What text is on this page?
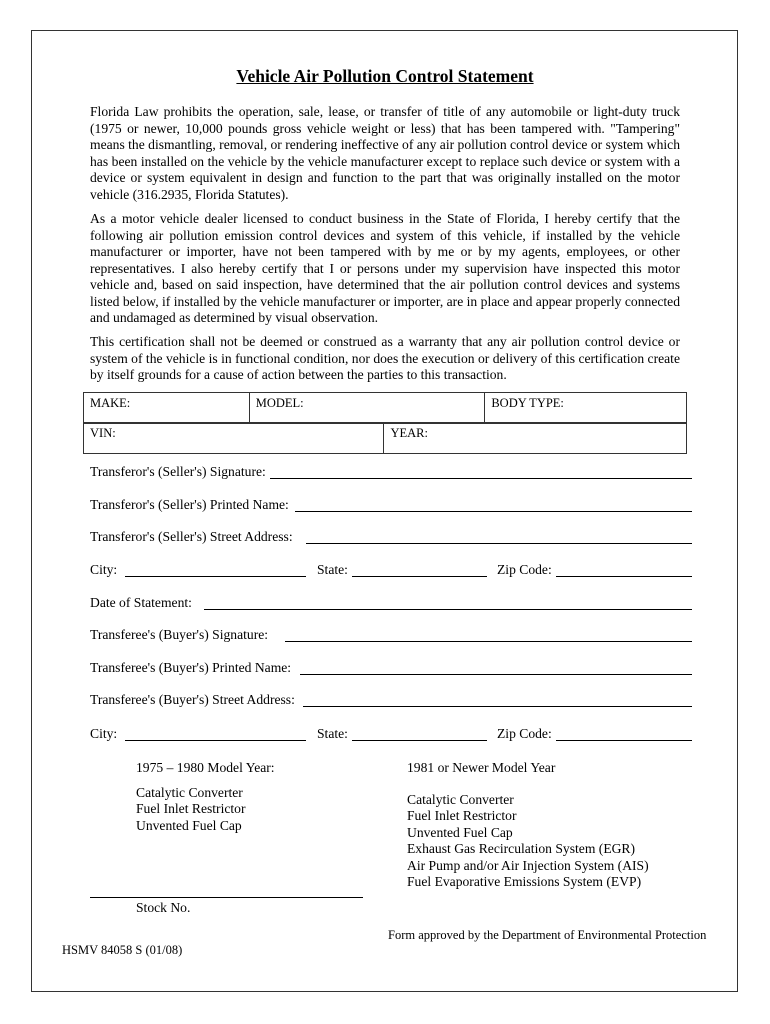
Vehicle Air Pollution Control Statement

Florida Law prohibits the operation, sale, lease, or transfer of title of any automobile or light-duty truck (1975 or newer, 10,000 pounds gross vehicle weight or less) that has been tampered with. "Tampering" means the dismantling, removal, or rendering ineffective of any air pollution control device or system which has been installed on the vehicle by the vehicle manufacturer except to replace such device or system with a device or system equivalent in design and function to the part that was originally installed on the motor vehicle (316.2935, Florida Statutes).

As a motor vehicle dealer licensed to conduct business in the State of Florida, I hereby certify that the following air pollution emission control devices and system of this vehicle, if installed by the vehicle manufacturer or importer, have not been tampered with by me or by my agents, employees, or other representatives. I also hereby certify that I or persons under my supervision have inspected this motor vehicle and, based on said inspection, have determined that the air pollution control devices and systems listed below, if installed by the vehicle manufacturer or importer, are in place and appear properly connected and undamaged as determined by visual observation.

This certification shall not be deemed or construed as a warranty that any air pollution control device or system of the vehicle is in functional condition, nor does the execution or delivery of this certification create by itself grounds for a cause of action between the parties to this transaction.

MAKE:	MODEL:	BODY TYPE:
VIN:	YEAR:
Transferor's (Seller's) Signature:
Transferor's (Seller's) Printed Name:
Transferor's (Seller's) Street Address:
City:	State:	Zip Code:
Date of Statement:
Transferee's (Buyer's) Signature:
Transferee's (Buyer's) Printed Name:
Transferee's (Buyer's) Street Address:
City:	State:	Zip Code:
1975 – 1980 Model Year:
Catalytic Converter
Fuel Inlet Restrictor
Unvented Fuel Cap
1981 or Newer Model Year
Catalytic Converter
Fuel Inlet Restrictor
Unvented Fuel Cap
Exhaust Gas Recirculation System (EGR)
Air Pump and/or Air Injection System (AIS)
Fuel Evaporative Emissions System (EVP)
Stock No.
Form approved by the Department of Environmental Protection
HSMV 84058 S (01/08)
